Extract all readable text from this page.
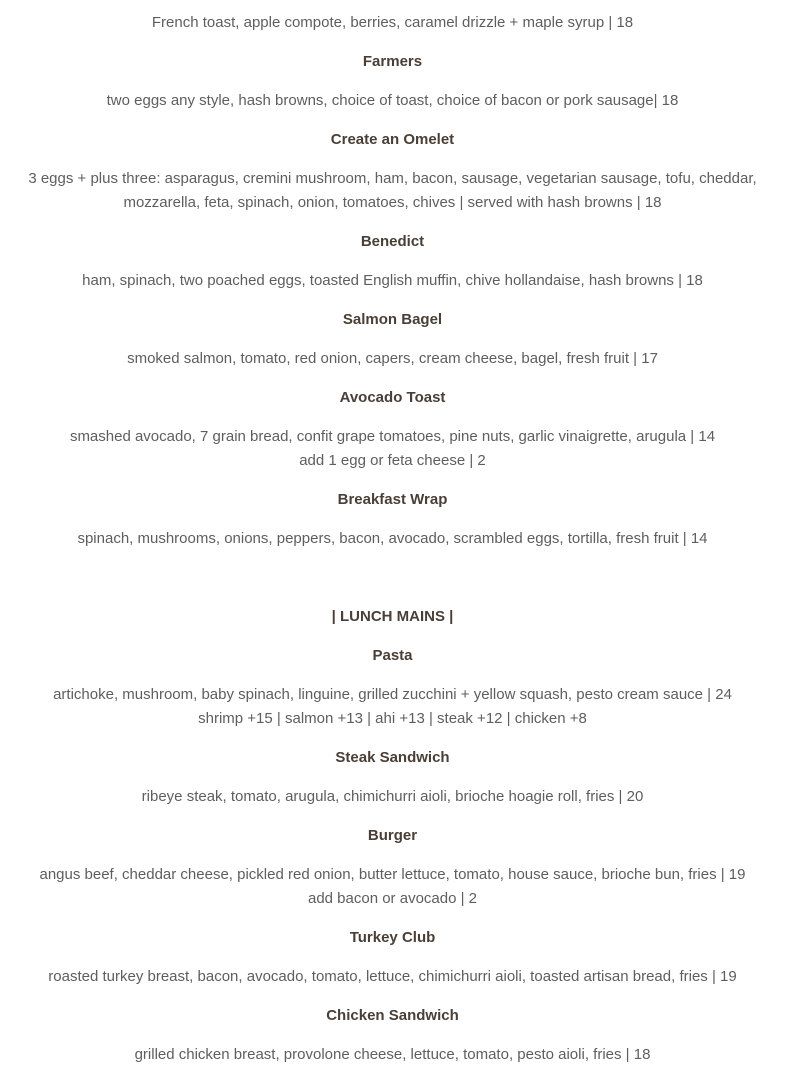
French toast, apple compote, berries, caramel drizzle + maple syrup | 18
Farmers
two eggs any style, hash browns, choice of toast, choice of bacon or pork sausage| 18
Create an Omelet
3 eggs + plus three: asparagus, cremini mushroom, ham, bacon, sausage, vegetarian sausage, tofu, cheddar,
mozzarella, feta, spinach, onion, tomatoes, chives | served with hash browns | 18
Benedict
ham, spinach, two poached eggs, toasted English muffin, chive hollandaise, hash browns | 18
Salmon Bagel
smoked salmon, tomato, red onion, capers, cream cheese, bagel, fresh fruit | 17
Avocado Toast
smashed avocado, 7 grain bread, confit grape tomatoes, pine nuts, garlic vinaigrette, arugula | 14
add 1 egg or feta cheese | 2
Breakfast Wrap
spinach, mushrooms, onions, peppers, bacon, avocado, scrambled eggs, tortilla, fresh fruit | 14
| LUNCH MAINS |
Pasta
artichoke, mushroom, baby spinach, linguine, grilled zucchini + yellow squash, pesto cream sauce | 24
shrimp +15 | salmon +13 | ahi +13 | steak +12 | chicken +8
Steak Sandwich
ribeye steak, tomato, arugula, chimichurri aioli, brioche hoagie roll, fries | 20
Burger
angus beef, cheddar cheese, pickled red onion, butter lettuce, tomato, house sauce, brioche bun, fries | 19
add bacon or avocado | 2
Turkey Club
roasted turkey breast, bacon, avocado, tomato, lettuce, chimichurri aioli, toasted artisan bread, fries | 19
Chicken Sandwich
grilled chicken breast, provolone cheese, lettuce, tomato, pesto aioli, fries | 18
